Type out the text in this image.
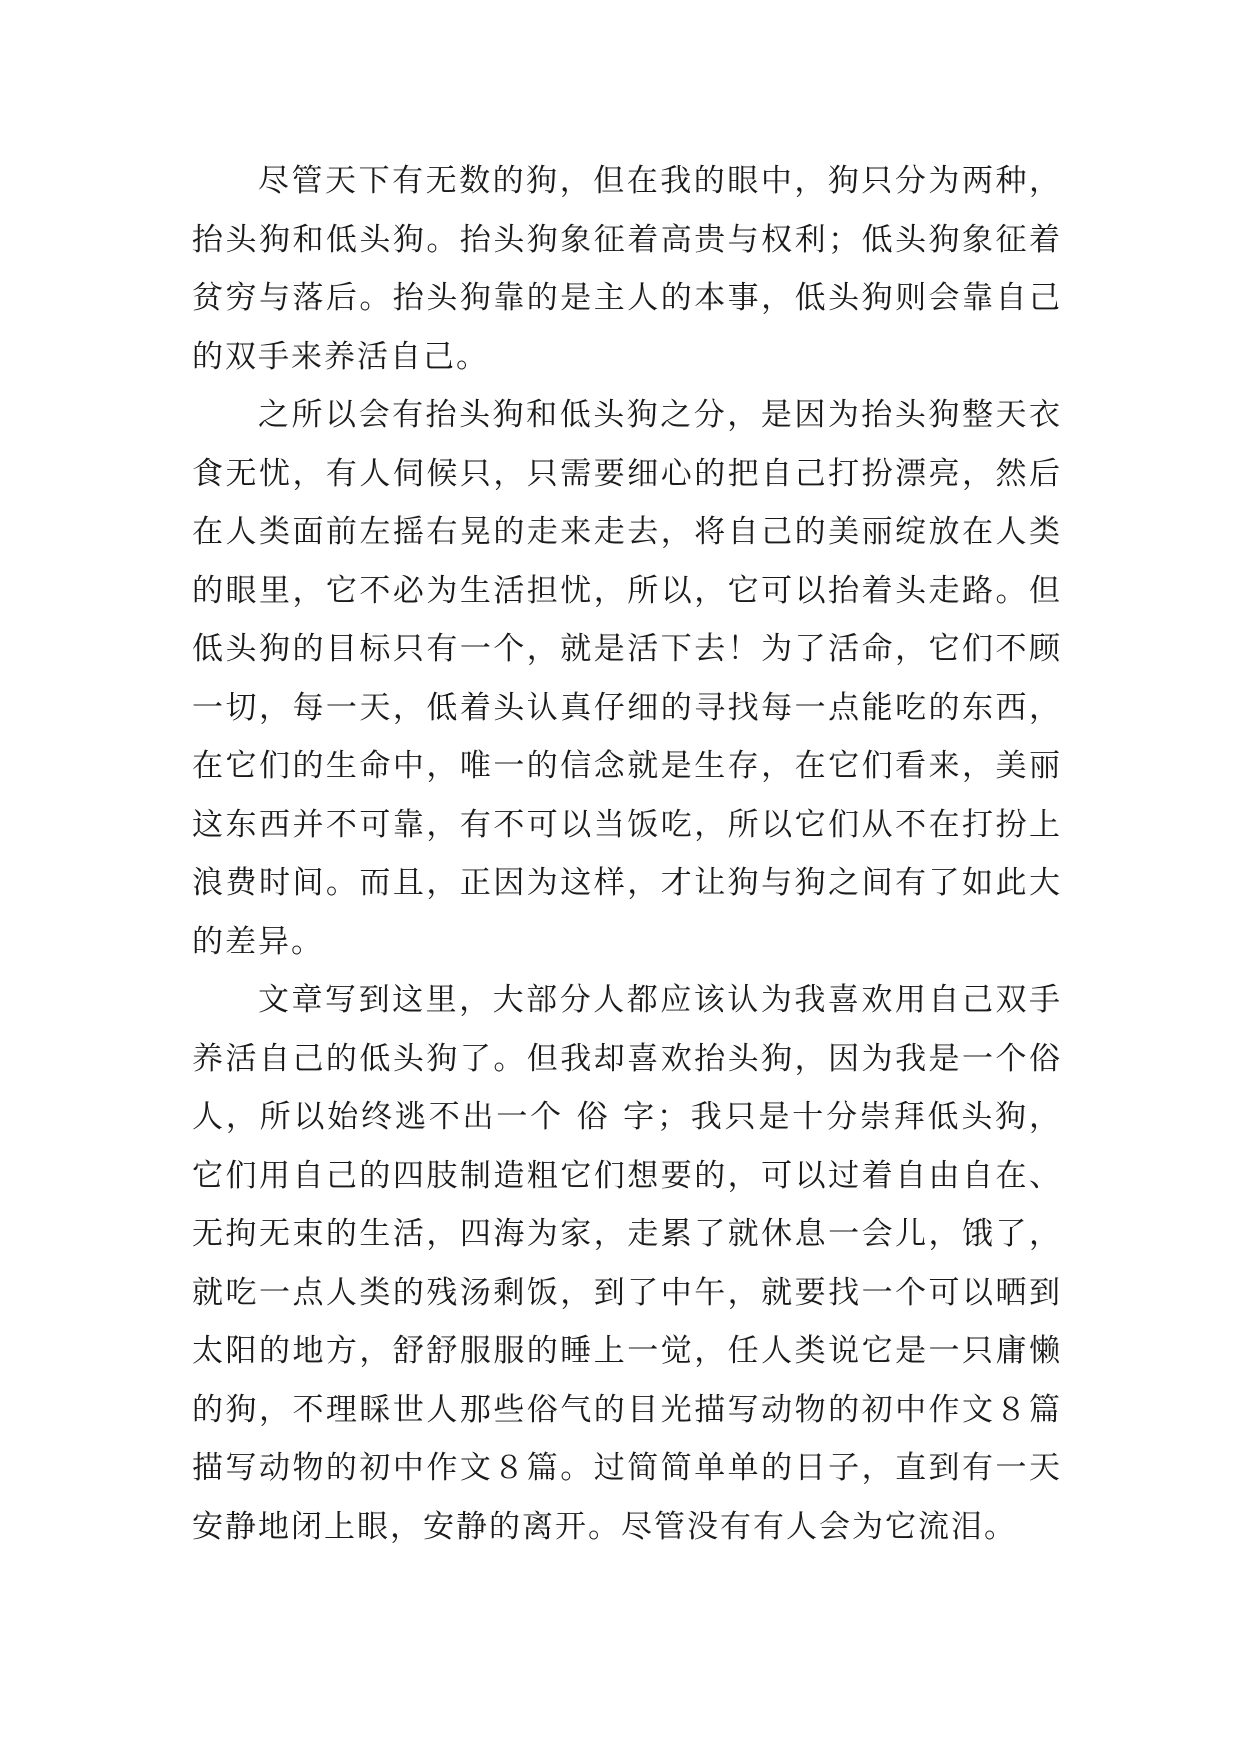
尽管天下有无数的狗，但在我的眼中，狗只分为两种，
抬头狗和低头狗。抬头狗象征着高贵与权利；低头狗象征着
贫穷与落后。抬头狗靠的是主人的本事，低头狗则会靠自己
的双手来养活自己。
之所以会有抬头狗和低头狗之分，是因为抬头狗整天衣
食无忧，有人伺候只，只需要细心的把自己打扮漂亮，然后
在人类面前左摇右晃的走来走去，将自己的美丽绽放在人类
的眼里，它不必为生活担忧，所以，它可以抬着头走路。但
低头狗的目标只有一个，就是活下去！为了活命，它们不顾
一切，每一天，低着头认真仔细的寻找每一点能吃的东西，
在它们的生命中，唯一的信念就是生存，在它们看来，美丽
这东西并不可靠，有不可以当饭吃，所以它们从不在打扮上
浪费时间。而且，正因为这样，才让狗与狗之间有了如此大
的差异。
文章写到这里，大部分人都应该认为我喜欢用自己双手
养活自己的低头狗了。但我却喜欢抬头狗，因为我是一个俗
人，所以始终逃不出一个 俗 字；我只是十分崇拜低头狗，
它们用自己的四肢制造粗它们想要的，可以过着自由自在、
无拘无束的生活，四海为家，走累了就休息一会儿，饿了，
就吃一点人类的残汤剩饭，到了中午，就要找一个可以晒到
太阳的地方，舒舒服服的睡上一觉，任人类说它是一只庸懒
的狗，不理睬世人那些俗气的目光描写动物的初中作文８篇
描写动物的初中作文８篇。过简简单单的日子，直到有一天
安静地闭上眼，安静的离开。尽管没有有人会为它流泪。
